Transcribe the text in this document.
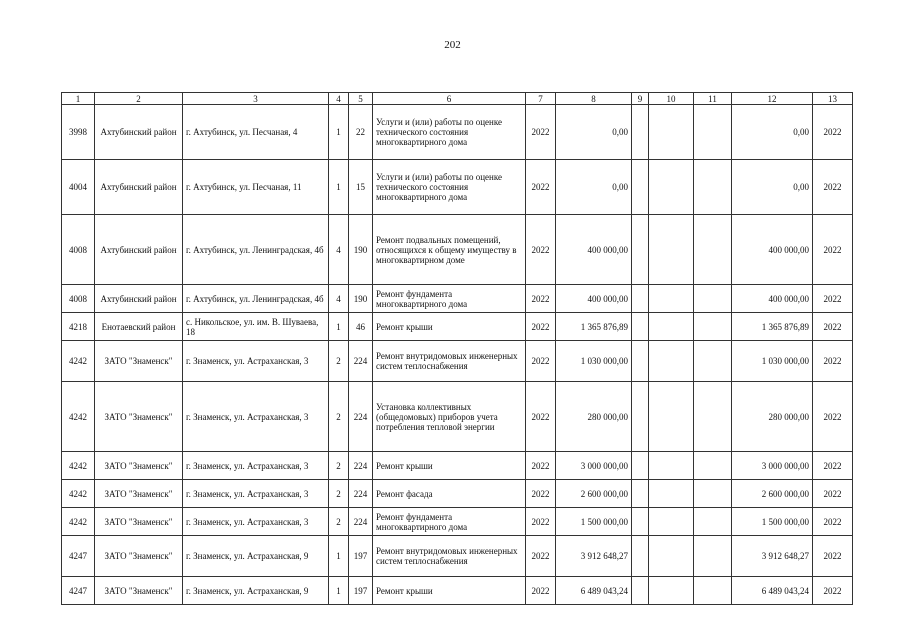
202
1	2	3	4	5	6	7	8	9	10	11	12	13
3998	Ахтубинский район	г. Ахтубинск, ул. Песчаная, 4	1	22	Услуги и (или) работы по оценке технического состояния многоквартирного дома	2022	0,00				0,00	2022
4004	Ахтубинский район	г. Ахтубинск, ул. Песчаная, 11	1	15	Услуги и (или) работы по оценке технического состояния многоквартирного дома	2022	0,00				0,00	2022
4008	Ахтубинский район	г. Ахтубинск, ул. Ленинградская, 4б	4	190	Ремонт подвальных помещений, относящихся к общему имуществу в многоквартирном доме	2022	400 000,00				400 000,00	2022
4008	Ахтубинский район	г. Ахтубинск, ул. Ленинградская, 4б	4	190	Ремонт фундамента многоквартирного дома	2022	400 000,00				400 000,00	2022
4218	Енотаевский район	с. Никольское, ул. им. В. Шуваева, 18	1	46	Ремонт крыши	2022	1 365 876,89				1 365 876,89	2022
4242	ЗАТО "Знаменск"	г. Знаменск, ул. Астраханская, 3	2	224	Ремонт внутридомовых инженерных систем теплоснабжения	2022	1 030 000,00				1 030 000,00	2022
4242	ЗАТО "Знаменск"	г. Знаменск, ул. Астраханская, 3	2	224	Установка коллективных (общедомовых) приборов учета потребления тепловой энергии	2022	280 000,00				280 000,00	2022
4242	ЗАТО "Знаменск"	г. Знаменск, ул. Астраханская, 3	2	224	Ремонт крыши	2022	3 000 000,00				3 000 000,00	2022
4242	ЗАТО "Знаменск"	г. Знаменск, ул. Астраханская, 3	2	224	Ремонт фасада	2022	2 600 000,00				2 600 000,00	2022
4242	ЗАТО "Знаменск"	г. Знаменск, ул. Астраханская, 3	2	224	Ремонт фундамента многоквартирного дома	2022	1 500 000,00				1 500 000,00	2022
4247	ЗАТО "Знаменск"	г. Знаменск, ул. Астраханская, 9	1	197	Ремонт внутридомовых инженерных систем теплоснабжения	2022	3 912 648,27				3 912 648,27	2022
4247	ЗАТО "Знаменск"	г. Знаменск, ул. Астраханская, 9	1	197	Ремонт крыши	2022	6 489 043,24				6 489 043,24	2022
